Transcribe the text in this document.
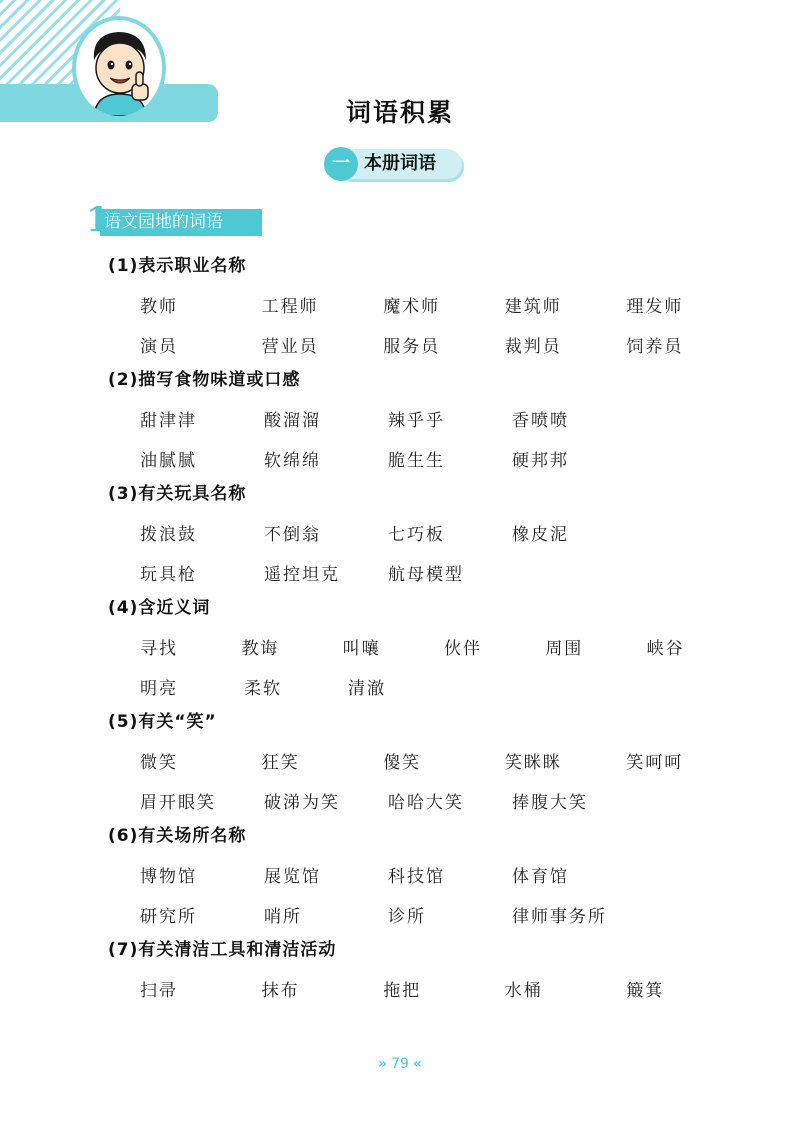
词语积累
一 本册词语
语文园地的词语
1
(1)表示职业名称
教师	工程师	魔术师	建筑师	理发师
演员	营业员	服务员	裁判员	饲养员
(2)描写食物味道或口感
甜津津	酸溜溜	辣乎乎	香喷喷
油腻腻	软绵绵	脆生生	硬邦邦
(3)有关玩具名称
拨浪鼓	不倒翁	七巧板	橡皮泥
玩具枪	遥控坦克	航母模型
(4)含近义词
寻找	教诲	叫嚷	伙伴	周围	峡谷
明亮	柔软	清澈
(5)有关“笑”
微笑	狂笑	傻笑	笑眯眯	笑呵呵
眉开眼笑	破涕为笑	哈哈大笑	捧腹大笑
(6)有关场所名称
博物馆	展览馆	科技馆	体育馆
研究所	哨所	诊所	律师事务所
(7)有关清洁工具和清洁活动
扫帚	抹布	拖把	水桶	簸箕
» 79 «
